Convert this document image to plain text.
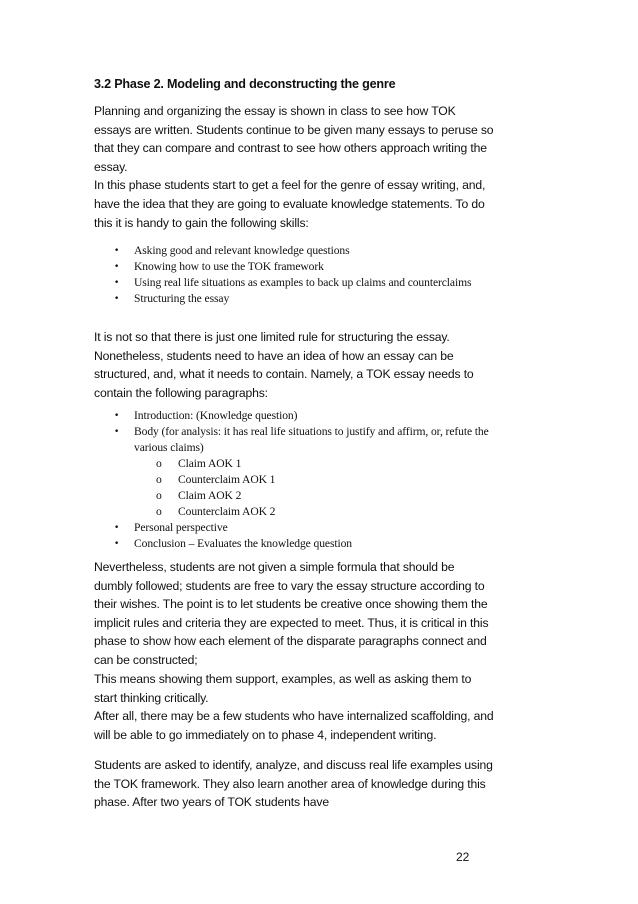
3.2 Phase 2. Modeling and deconstructing the genre

Planning and organizing the essay is shown in class to see how TOK essays are written. Students continue to be given many essays to peruse so that they can compare and contrast to see how others approach writing the essay.

In this phase students start to get a feel for the genre of essay writing, and, have the idea that they are going to evaluate knowledge statements. To do this it is handy to gain the following skills:

• Asking good and relevant knowledge questions
• Knowing how to use the TOK framework
• Using real life situations as examples to back up claims and counterclaims
• Structuring the essay

It is not so that there is just one limited rule for structuring the essay. Nonetheless, students need to have an idea of how an essay can be structured, and, what it needs to contain. Namely, a TOK essay needs to contain the following paragraphs:

• Introduction: (Knowledge question)
• Body (for analysis: it has real life situations to justify and affirm, or, refute the various claims)
o Claim AOK 1
o Counterclaim AOK 1
o Claim AOK 2
o Counterclaim AOK 2
• Personal perspective
• Conclusion – Evaluates the knowledge question

Nevertheless, students are not given a simple formula that should be dumbly followed; students are free to vary the essay structure according to their wishes. The point is to let students be creative once showing them the implicit rules and criteria they are expected to meet. Thus, it is critical in this phase to show how each element of the disparate paragraphs connect and can be constructed;

This means showing them support, examples, as well as asking them to start thinking critically.

After all, there may be a few students who have internalized scaffolding, and will be able to go immediately on to phase 4, independent writing.

Students are asked to identify, analyze, and discuss real life examples using the TOK framework. They also learn another area of knowledge during this phase. After two years of TOK students have

22
